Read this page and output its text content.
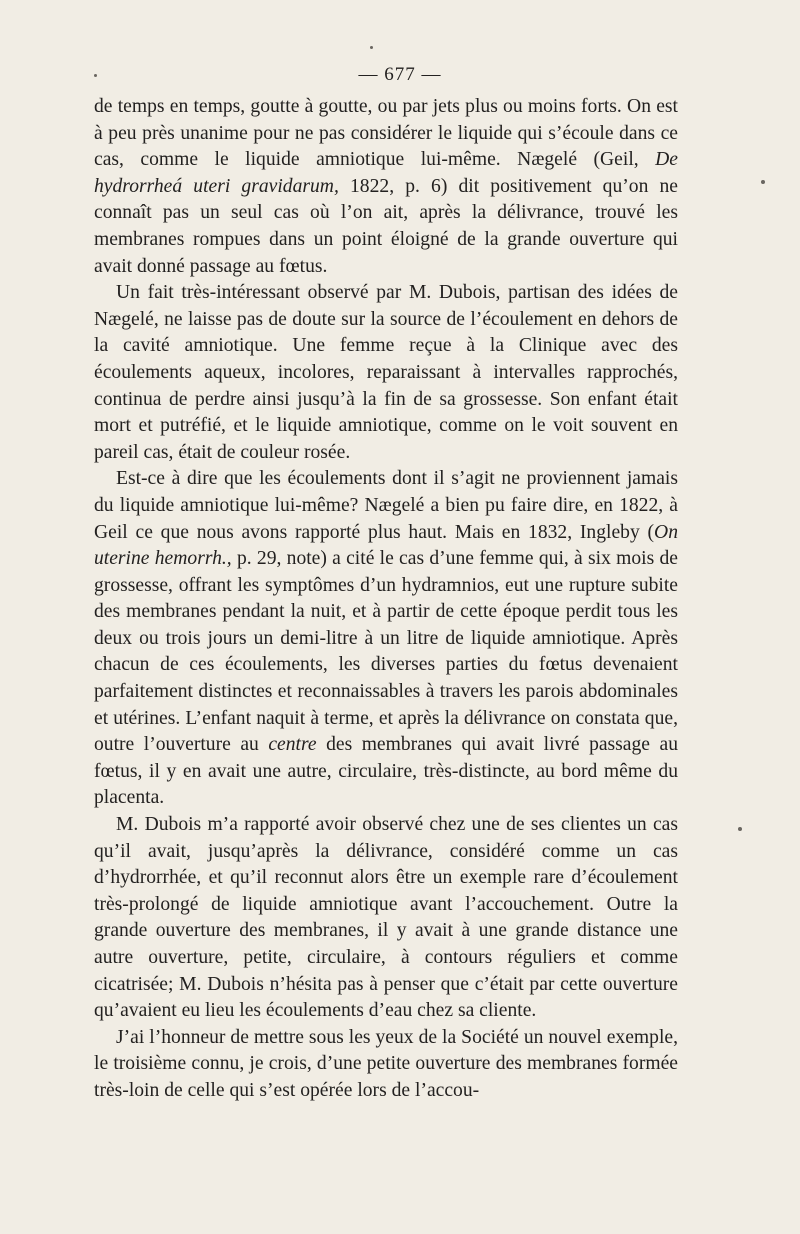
— 677 —

de temps en temps, goutte à goutte, ou par jets plus ou moins forts. On est à peu près unanime pour ne pas considérer le liquide qui s’écoule dans ce cas, comme le liquide amniotique lui-même. Nægelé (Geil, De hydrorrheá uteri gravidarum, 1822, p. 6) dit positivement qu’on ne connaît pas un seul cas où l’on ait, après la délivrance, trouvé les membranes rompues dans un point éloigné de la grande ouverture qui avait donné passage au fœtus.

Un fait très-intéressant observé par M. Dubois, partisan des idées de Nægelé, ne laisse pas de doute sur la source de l’écoulement en dehors de la cavité amniotique. Une femme reçue à la Clinique avec des écoulements aqueux, incolores, reparaissant à intervalles rapprochés, continua de perdre ainsi jusqu’à la fin de sa grossesse. Son enfant était mort et putréfié, et le liquide amniotique, comme on le voit souvent en pareil cas, était de couleur rosée.

Est-ce à dire que les écoulements dont il s’agit ne proviennent jamais du liquide amniotique lui-même? Nægelé a bien pu faire dire, en 1822, à Geil ce que nous avons rapporté plus haut. Mais en 1832, Ingleby (On uterine hemorrh., p. 29, note) a cité le cas d’une femme qui, à six mois de grossesse, offrant les symptômes d’un hydramnios, eut une rupture subite des membranes pendant la nuit, et à partir de cette époque perdit tous les deux ou trois jours un demi-litre à un litre de liquide amniotique. Après chacun de ces écoulements, les diverses parties du fœtus devenaient parfaitement distinctes et reconnaissables à travers les parois abdominales et utérines. L’enfant naquit à terme, et après la délivrance on constata que, outre l’ouverture au centre des membranes qui avait livré passage au fœtus, il y en avait une autre, circulaire, très-distincte, au bord même du placenta.

M. Dubois m’a rapporté avoir observé chez une de ses clientes un cas qu’il avait, jusqu’après la délivrance, considéré comme un cas d’hydrorrhée, et qu’il reconnut alors être un exemple rare d’écoulement très-prolongé de liquide amniotique avant l’accouchement. Outre la grande ouverture des membranes, il y avait à une grande distance une autre ouverture, petite, circulaire, à contours réguliers et comme cicatrisée; M. Dubois n’hésita pas à penser que c’était par cette ouverture qu’avaient eu lieu les écoulements d’eau chez sa cliente.

J’ai l’honneur de mettre sous les yeux de la Société un nouvel exemple, le troisième connu, je crois, d’une petite ouverture des membranes formée très-loin de celle qui s’est opérée lors de l’accou-
